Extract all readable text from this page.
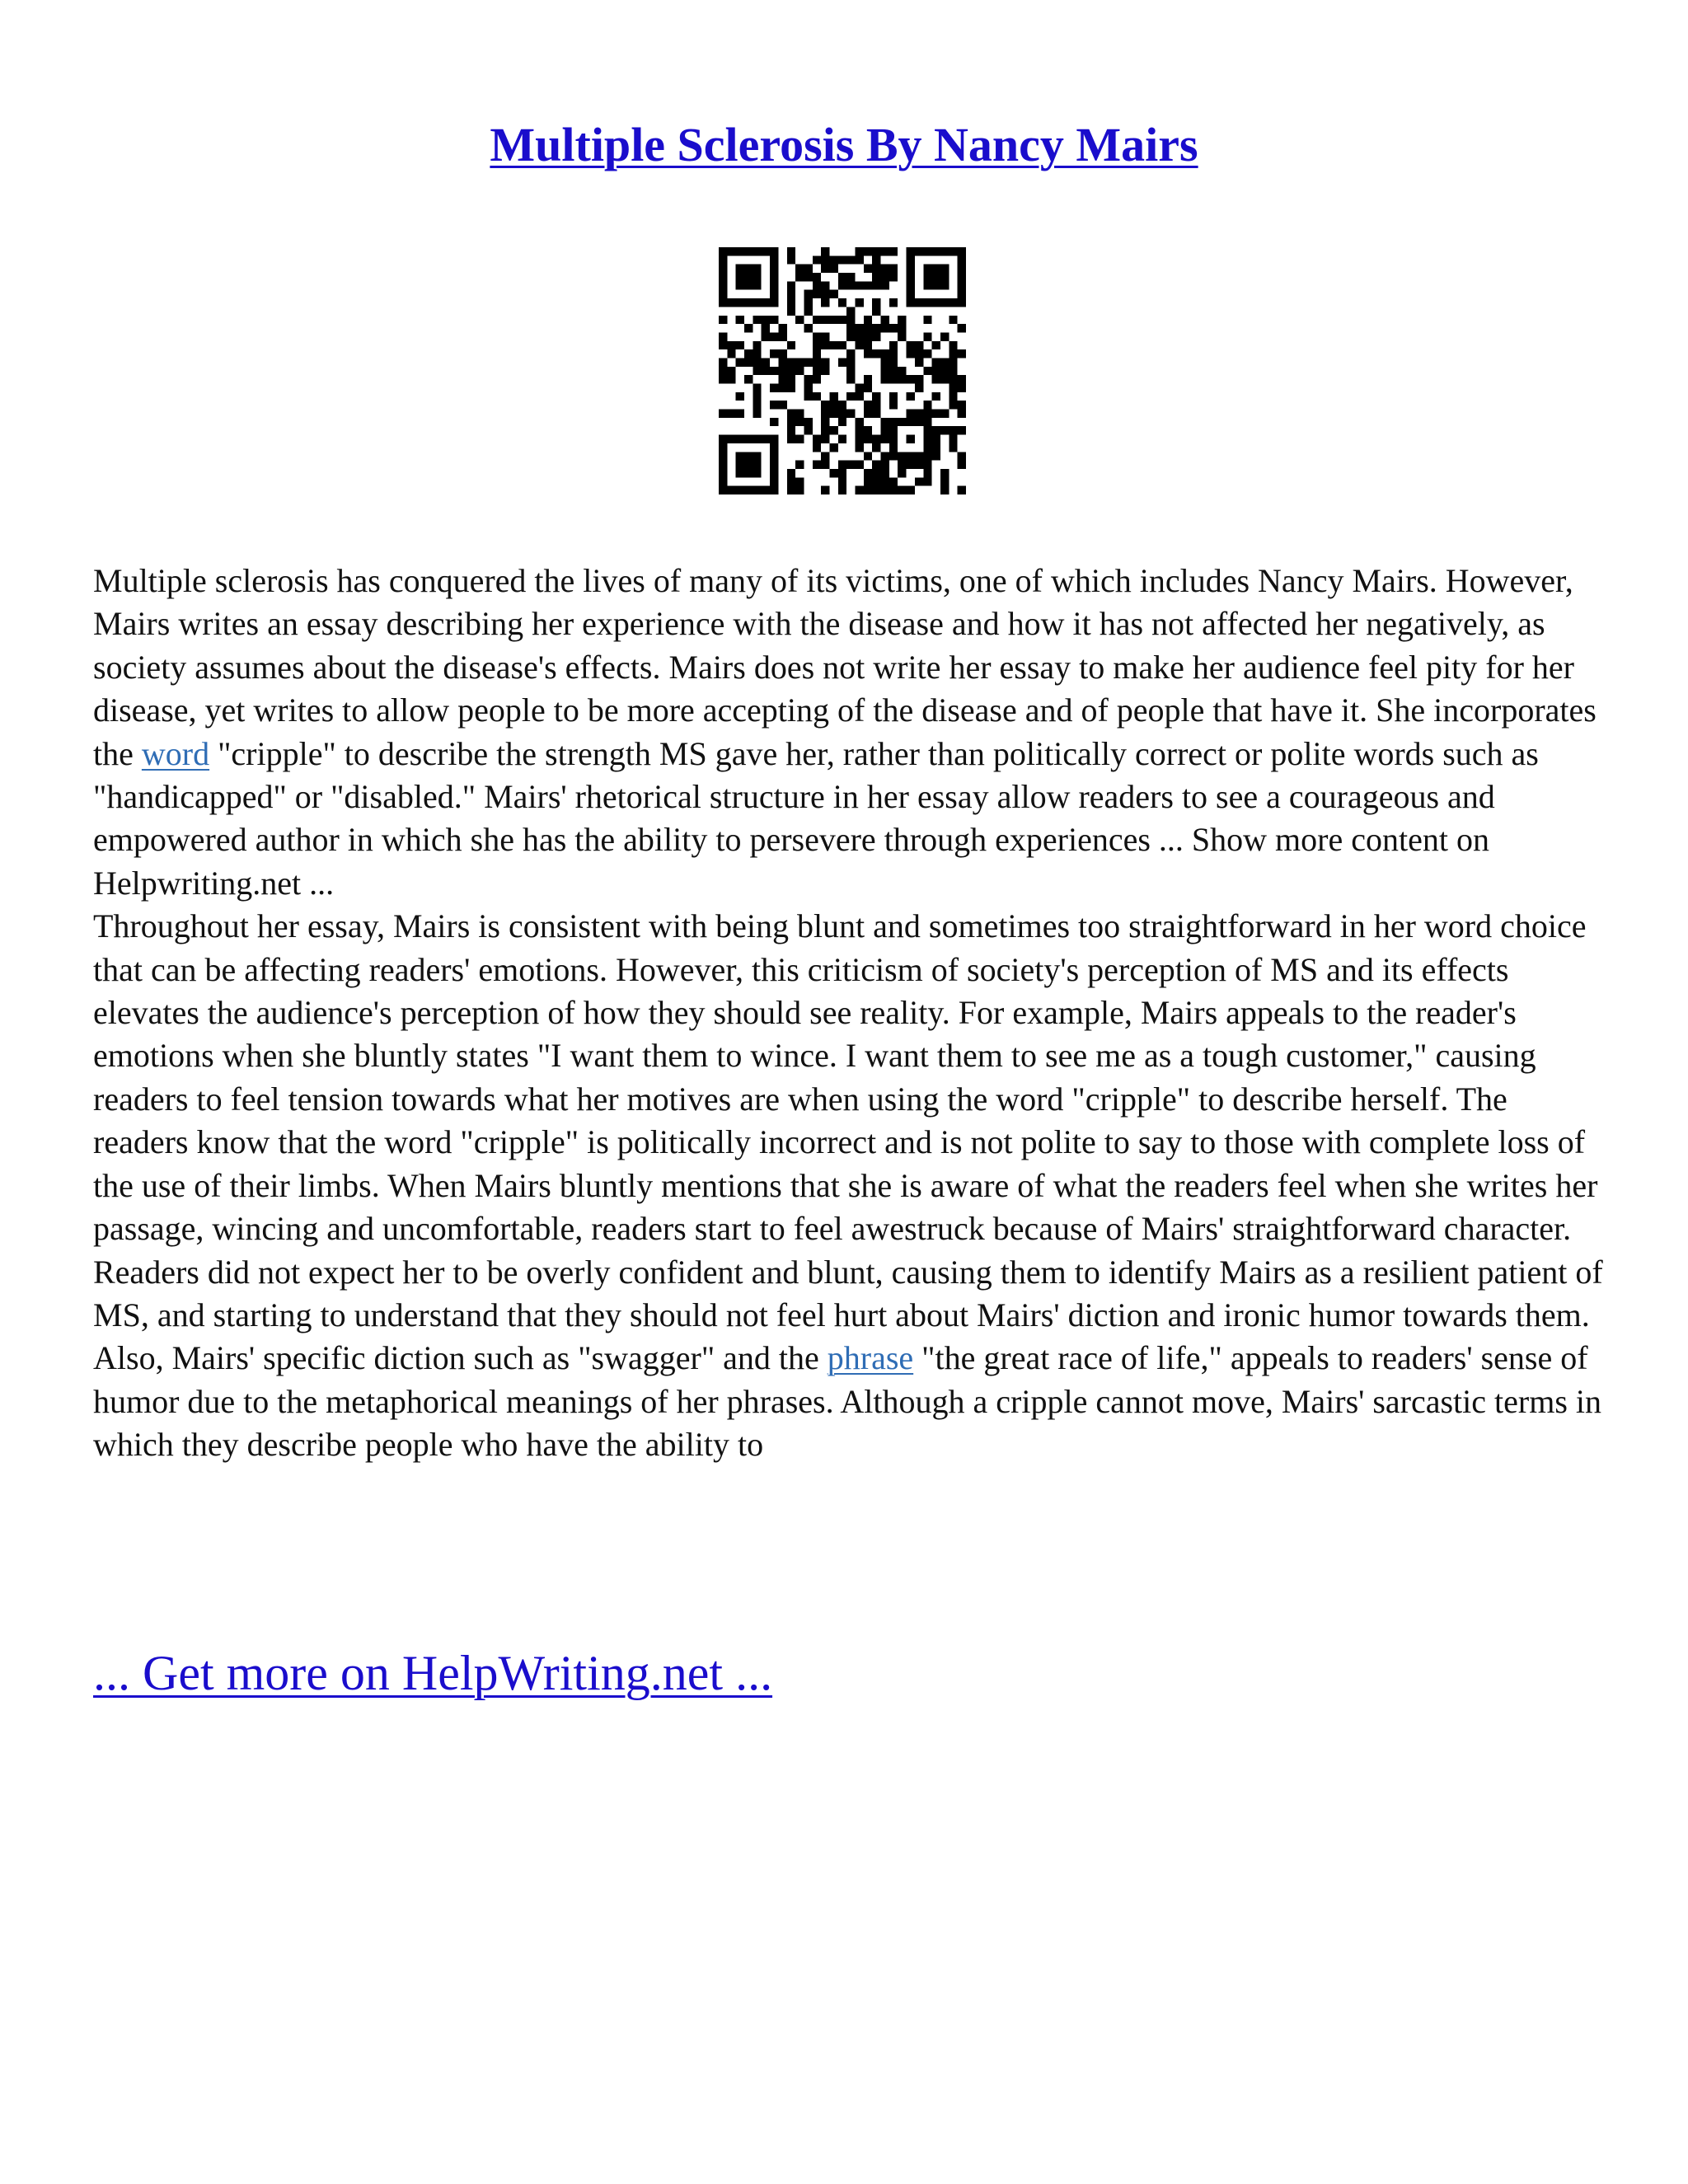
Multiple Sclerosis By Nancy Mairs

Multiple sclerosis has conquered the lives of many of its victims, one of which includes Nancy Mairs. However, Mairs writes an essay describing her experience with the disease and how it has not affected her negatively, as society assumes about the disease's effects. Mairs does not write her essay to make her audience feel pity for her disease, yet writes to allow people to be more accepting of the disease and of people that have it. She incorporates the word "cripple" to describe the strength MS gave her, rather than politically correct or polite words such as "handicapped" or "disabled." Mairs' rhetorical structure in her essay allow readers to see a courageous and empowered author in which she has the ability to persevere through experiences ... Show more content on Helpwriting.net ...

Throughout her essay, Mairs is consistent with being blunt and sometimes too straightforward in her word choice that can be affecting readers' emotions. However, this criticism of society's perception of MS and its effects elevates the audience's perception of how they should see reality. For example, Mairs appeals to the reader's emotions when she bluntly states "I want them to wince. I want them to see me as a tough customer," causing readers to feel tension towards what her motives are when using the word "cripple" to describe herself. The readers know that the word "cripple" is politically incorrect and is not polite to say to those with complete loss of the use of their limbs. When Mairs bluntly mentions that she is aware of what the readers feel when she writes her passage, wincing and uncomfortable, readers start to feel awestruck because of Mairs' straightforward character. Readers did not expect her to be overly confident and blunt, causing them to identify Mairs as a resilient patient of MS, and starting to understand that they should not feel hurt about Mairs' diction and ironic humor towards them. Also, Mairs' specific diction such as "swagger" and the phrase "the great race of life," appeals to readers' sense of humor due to the metaphorical meanings of her phrases. Although a cripple cannot move, Mairs' sarcastic terms in which they describe people who have the ability to

... Get more on HelpWriting.net ...
